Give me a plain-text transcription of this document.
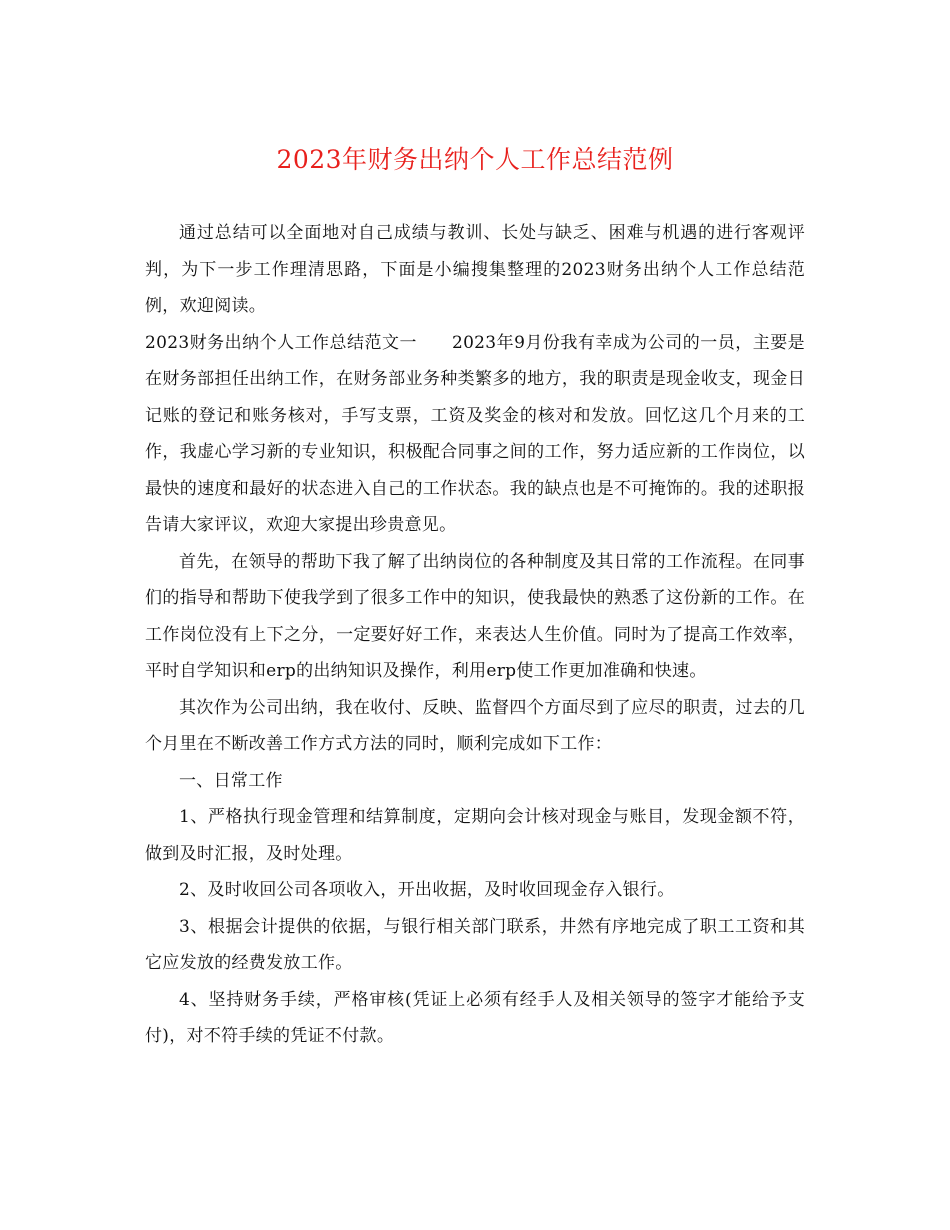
2023年财务出纳个人工作总结范例

通过总结可以全面地对自己成绩与教训、长处与缺乏、困难与机遇的进行客观评判，为下一步工作理清思路，下面是小编搜集整理的2023财务出纳个人工作总结范例，欢迎阅读。

2023财务出纳个人工作总结范文一　　2023年9月份我有幸成为公司的一员，主要是在财务部担任出纳工作，在财务部业务种类繁多的地方，我的职责是现金收支，现金日记账的登记和账务核对，手写支票，工资及奖金的核对和发放。回忆这几个月来的工作，我虚心学习新的专业知识，积极配合同事之间的工作，努力适应新的工作岗位，以最快的速度和最好的状态进入自己的工作状态。我的缺点也是不可掩饰的。我的述职报告请大家评议，欢迎大家提出珍贵意见。

首先，在领导的帮助下我了解了出纳岗位的各种制度及其日常的工作流程。在同事们的指导和帮助下使我学到了很多工作中的知识，使我最快的熟悉了这份新的工作。在工作岗位没有上下之分，一定要好好工作，来表达人生价值。同时为了提高工作效率，平时自学知识和erp的出纳知识及操作，利用erp使工作更加准确和快速。

其次作为公司出纳，我在收付、反映、监督四个方面尽到了应尽的职责，过去的几个月里在不断改善工作方式方法的同时，顺利完成如下工作：

一、日常工作

1、严格执行现金管理和结算制度，定期向会计核对现金与账目，发现金额不符，做到及时汇报，及时处理。

2、及时收回公司各项收入，开出收据，及时收回现金存入银行。

3、根据会计提供的依据，与银行相关部门联系，井然有序地完成了职工工资和其它应发放的经费发放工作。

4、坚持财务手续，严格审核(凭证上必须有经手人及相关领导的签字才能给予支付)，对不符手续的凭证不付款。
